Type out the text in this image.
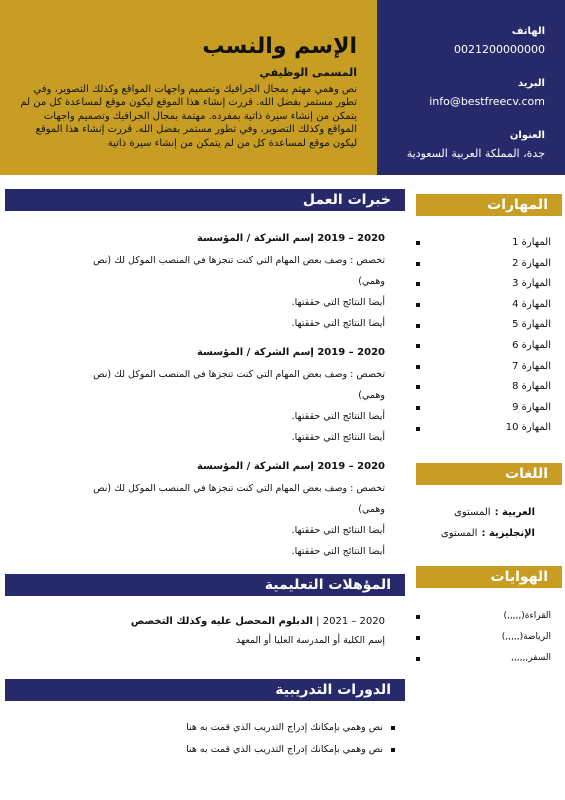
الهاتف
0021200000000
البريد
info@bestfreecv.com
العنوان
جدة، المملكة العربية السعودية
الإسم والنسب
المسمى الوظيفي
نص وهمي مهتم بمجال الجرافيك وتصميم واجهات المواقع وكذلك التصوير، وفي تطور مستمر بفضل الله. قررت إنشاء هذا الموقع ليكون موقع لمساعدة كل من لم يتمكن من إنشاء سيرة ذاتية بمفرده. مهتمة بمجال الجرافيك وتصميم واجهات المواقع وكذلك التصوير، وفي تطور مستمر بفضل الله. قررت إنشاء هذا الموقع ليكون موقع لمساعدة كل من لم يتمكن من إنشاء سيرة ذاتية
خبرات العمل
2020 – 2019 إسم الشركة / المؤسسة
تخصص : وصف بعض المهام التي كنت تنجزها في المنصب الموكل لك (نص
وهمي)
أيضا النتائج التي حققتها.
أيضا النتائج التي حققتها.
2020 – 2019 إسم الشركة / المؤسسة
تخصص : وصف بعض المهام التي كنت تنجزها في المنصب الموكل لك (نص
وهمي)
أيضا النتائج التي حققتها.
أيضا النتائج التي حققتها.
2020 – 2019 إسم الشركة / المؤسسة
تخصص : وصف بعض المهام التي كنت تنجزها في المنصب الموكل لك (نص
وهمي)
أيضا النتائج التي حققتها.
أيضا النتائج التي حققتها.
المهارات
المهارة 1
المهارة 2
المهارة 3
المهارة 4
المهارة 5
المهارة 6
المهارة 7
المهارة 8
المهارة 9
المهارة 10
اللغات
العربية :
المستوى
الإنجليزية :
المستوى
الهوايات
القراءة(,,,,,)
الرياضة(,,,,,)
السفر,,,,,,
المؤهلات التعليمية
2020 – 2021 | الدبلوم المحصل عليه وكذلك التخصص
إسم الكلية أو المدرسة العليا أو المعهد
الدورات التدريبية
نص وهمي بإمكانك إدراج التدريب الذي قمت به هنا
نص وهمي بإمكانك إدراج التدريب الذي قمت به هنا
